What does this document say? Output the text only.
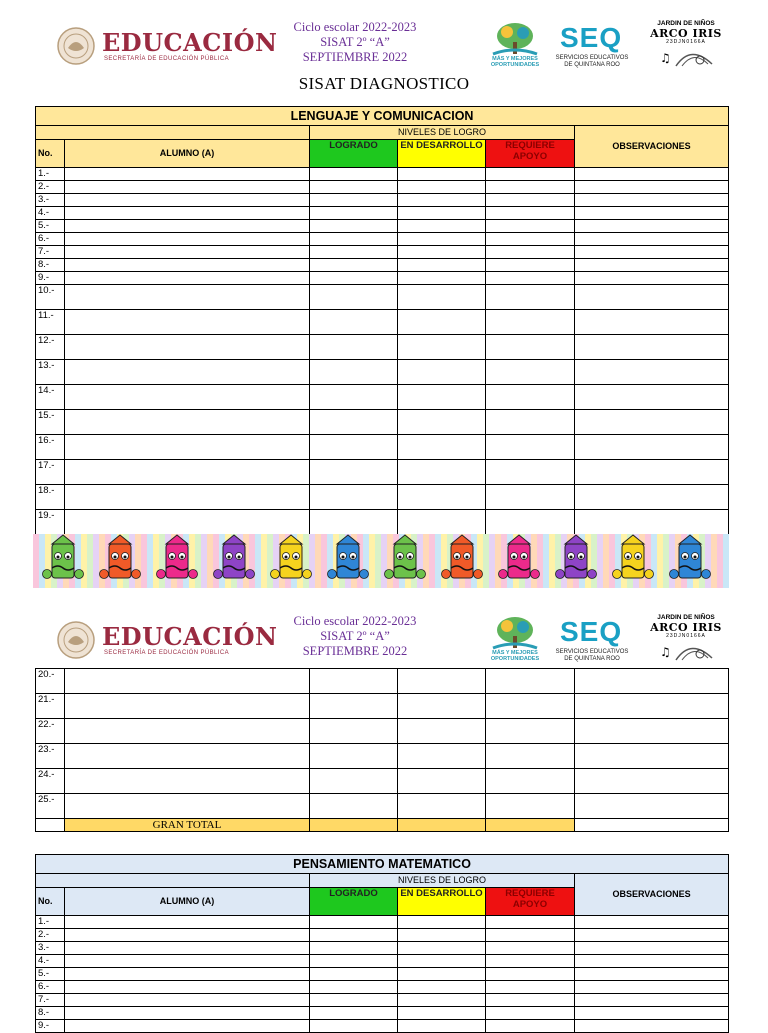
EDUCACIÓN
SECRETARÍA DE EDUCACIÓN PÚBLICA
Ciclo escolar 2022-2023
SISAT 2º “A”
SEPTIEMBRE 2022	MÁS Y MEJORES OPORTUNIDADES
SEQ
SERVICIOS EDUCATIVOS DE QUINTANA ROO
JARDIN DE NIÑOS
ARCO IRIS
23DJN0166A
♫
SISAT DIAGNOSTICO
LENGUAJE Y COMUNICACION					
		NIVELES DE LOGRO			OBSERVACIONES
No.	ALUMNO (A)	LOGRADO	EN DESARROLLO	REQUIERE APOYO	
1.-					
2.-					
3.-					
4.-					
5.-					
6.-					
7.-					
8.-					
9.-					
10.-					
11.-					
12.-					
13.-					
14.-					
15.-					
16.-					
17.-					
18.-					
19.-					
EDUCACIÓN
SECRETARÍA DE EDUCACIÓN PÚBLICA
Ciclo escolar 2022-2023
SISAT 2º “A”
SEPTIEMBRE 2022	MÁS Y MEJORES OPORTUNIDADES
SEQ
SERVICIOS EDUCATIVOS DE QUINTANA ROO
JARDIN DE NIÑOS
ARCO IRIS
23DJN0166A
♫
20.-					
21.-					
22.-					
23.-					
24.-					
25.-					
	GRAN TOTAL				
PENSAMIENTO MATEMATICO					
		NIVELES DE LOGRO			OBSERVACIONES
No.	ALUMNO (A)	LOGRADO	EN DESARROLLO	REQUIERE APOYO	
1.-					
2.-					
3.-					
4.-					
5.-					
6.-					
7.-					
8.-					
9.-					
